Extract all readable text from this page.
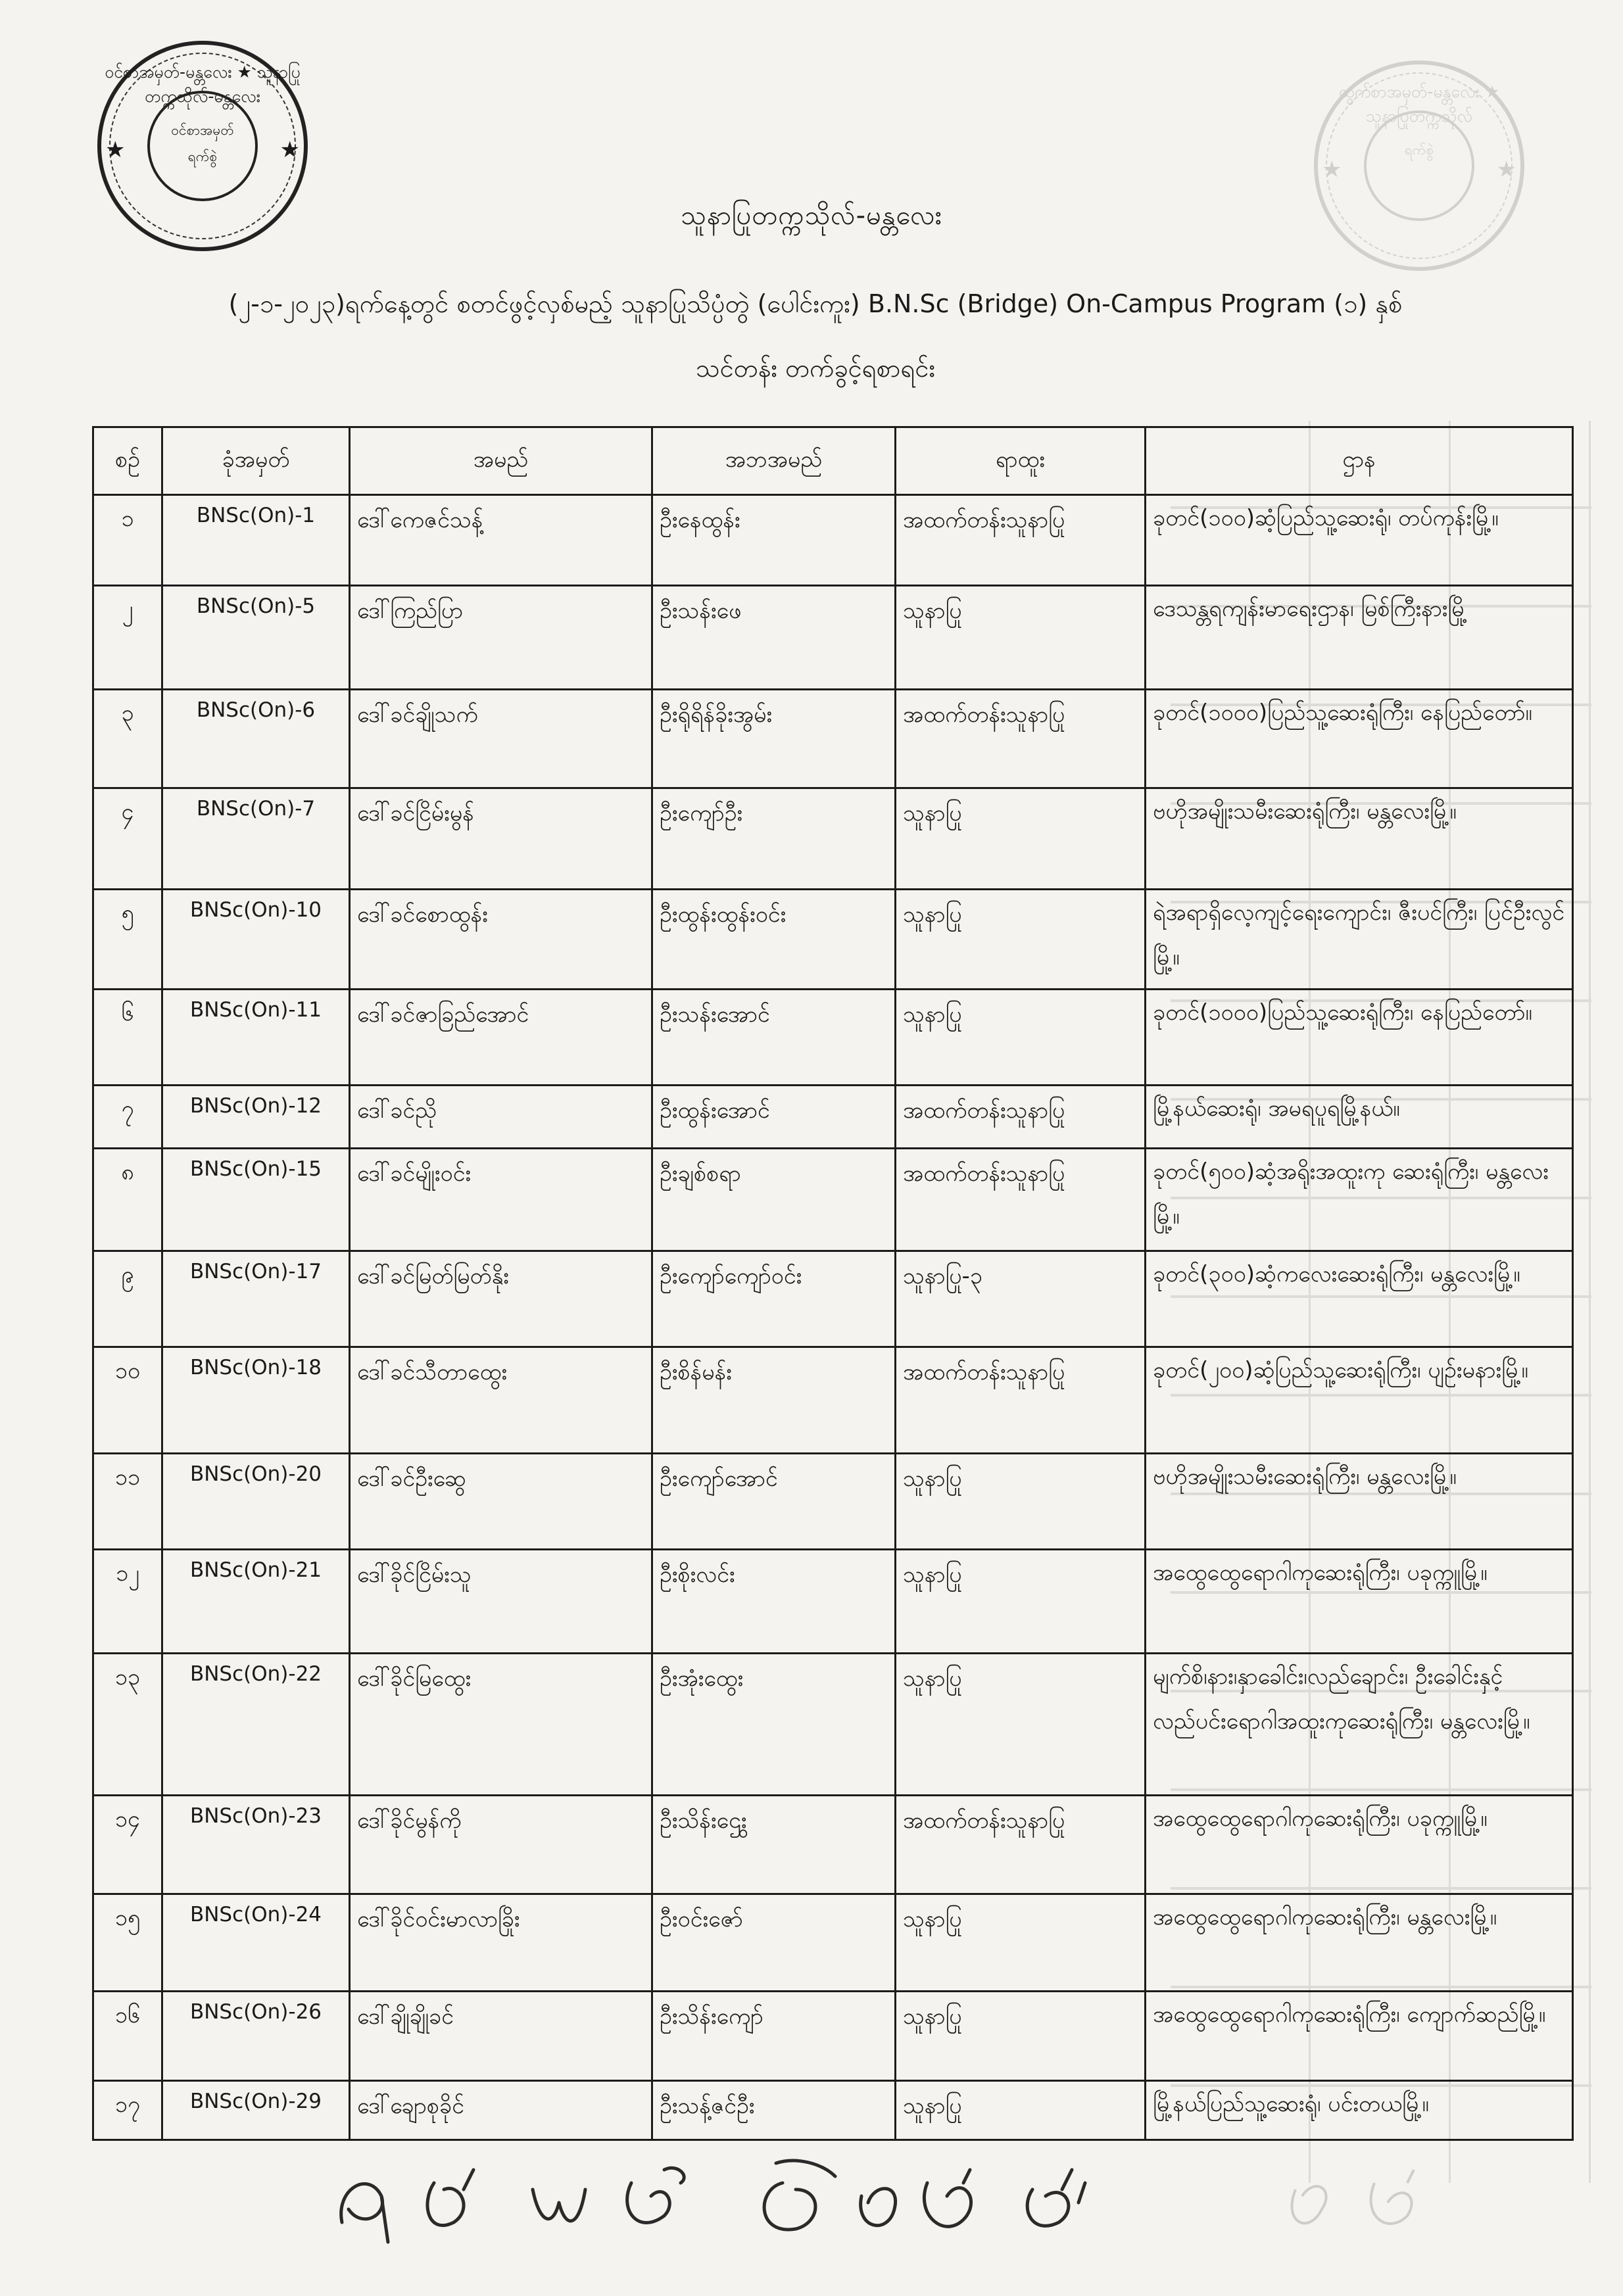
ဝင်စာအမှတ်-မန္တလေး ★ သူနာပြုတက္ကသိုလ်-မန္တလေး
★	★
ဝင်စာအမှတ်
ရက်စွဲ
ထွက်စာအမှတ်-မန္တလေး ★ သူနာပြုတက္ကသိုလ်
★	★
ရက်စွဲ
သူနာပြုတက္ကသိုလ်-မန္တလေး
(၂-၁-၂၀၂၃)ရက်နေ့တွင် စတင်ဖွင့်လှစ်မည့် သူနာပြုသိပ္ပံတွဲ (ပေါင်းကူး) B.N.Sc (Bridge) On-Campus Program (၁) နှစ်
သင်တန်း တက်ခွင့်ရစာရင်း
စဉ်	ခုံအမှတ်	အမည်	အဘအမည်	ရာထူး	ဌာန
၁	BNSc(On)-1	ဒေါ်ကေဇင်သန့်	ဦးနေထွန်း	အထက်တန်းသူနာပြု	ခုတင်(၁၀၀)ဆံ့ပြည်သူ့ဆေးရုံ၊ တပ်ကုန်းမြို့။
၂	BNSc(On)-5	ဒေါ်ကြည်ပြာ	ဦးသန်းဖေ	သူနာပြု	ဒေသန္တရကျန်းမာရေးဌာန၊ မြစ်ကြီးနားမြို့
၃	BNSc(On)-6	ဒေါ်ခင်ချိုသက်	ဦးရိုရိန်ခိုးအွမ်း	အထက်တန်းသူနာပြု	ခုတင်(၁၀၀၀)ပြည်သူ့ဆေးရုံကြီး၊ နေပြည်တော်။
၄	BNSc(On)-7	ဒေါ်ခင်ငြိမ်းမွန်	ဦးကျော်ဦး	သူနာပြု	ဗဟိုအမျိုးသမီးဆေးရုံကြီး၊ မန္တလေးမြို့။
၅	BNSc(On)-10	ဒေါ်ခင်စောထွန်း	ဦးထွန်းထွန်းဝင်း	သူနာပြု	ရဲအရာရှိလေ့ကျင့်ရေးကျောင်း၊ ဇီးပင်ကြီး၊ ပြင်ဦးလွင်မြို့။
၆	BNSc(On)-11	ဒေါ်ခင်ဇာခြည်အောင်	ဦးသန်းအောင်	သူနာပြု	ခုတင်(၁၀၀၀)ပြည်သူ့ဆေးရုံကြီး၊ နေပြည်တော်။
၇	BNSc(On)-12	ဒေါ်ခင်ညို	ဦးထွန်းအောင်	အထက်တန်းသူနာပြု	မြို့နယ်ဆေးရုံ၊ အမရပူရမြို့နယ်။
၈	BNSc(On)-15	ဒေါ်ခင်မျိုးဝင်း	ဦးချစ်စရာ	အထက်တန်းသူနာပြု	ခုတင်(၅၀၀)ဆံ့အရိုးအထူးကု ဆေးရုံကြီး၊ မန္တလေးမြို့။
၉	BNSc(On)-17	ဒေါ်ခင်မြတ်မြတ်နိုး	ဦးကျော်ကျော်ဝင်း	သူနာပြု-၃	ခုတင်(၃၀၀)ဆံ့ကလေးဆေးရုံကြီး၊ မန္တလေးမြို့။
၁၀	BNSc(On)-18	ဒေါ်ခင်သီတာထွေး	ဦးစိန်မန်း	အထက်တန်းသူနာပြု	ခုတင်(၂၀၀)ဆံ့ပြည်သူ့ဆေးရုံကြီး၊ ပျဉ်းမနားမြို့။
၁၁	BNSc(On)-20	ဒေါ်ခင်ဦးဆွေ	ဦးကျော်အောင်	သူနာပြု	ဗဟိုအမျိုးသမီးဆေးရုံကြီး၊ မန္တလေးမြို့။
၁၂	BNSc(On)-21	ဒေါ်ခိုင်ငြိမ်းသူ	ဦးစိုးလင်း	သူနာပြု	အထွေထွေရောဂါကုဆေးရုံကြီး၊ ပခုက္ကူမြို့။
၁၃	BNSc(On)-22	ဒေါ်ခိုင်မြထွေး	ဦးအုံးထွေး	သူနာပြု	မျက်စိ၊နား၊နှာခေါင်း၊လည်ချောင်း၊ ဦးခေါင်းနှင့်လည်ပင်းရောဂါအထူးကုဆေးရုံကြီး၊ မန္တလေးမြို့။
၁၄	BNSc(On)-23	ဒေါ်ခိုင်မွန်ကို	ဦးသိန်းဌွေး	အထက်တန်းသူနာပြု	အထွေထွေရောဂါကုဆေးရုံကြီး၊ ပခုက္ကူမြို့။
၁၅	BNSc(On)-24	ဒေါ်ခိုင်ဝင်းမာလာခြိုး	ဦးဝင်းဇော်	သူနာပြု	အထွေထွေရောဂါကုဆေးရုံကြီး၊ မန္တလေးမြို့။
၁၆	BNSc(On)-26	ဒေါ်ချိုချိုခင်	ဦးသိန်းကျော်	သူနာပြု	အထွေထွေရောဂါကုဆေးရုံကြီး၊ ကျောက်ဆည်မြို့။
၁၇	BNSc(On)-29	ဒေါ်ချောစုခိုင်	ဦးသန့်ဇင်ဦး	သူနာပြု	မြို့နယ်ပြည်သူ့ဆေးရုံ၊ ပင်းတယမြို့။
